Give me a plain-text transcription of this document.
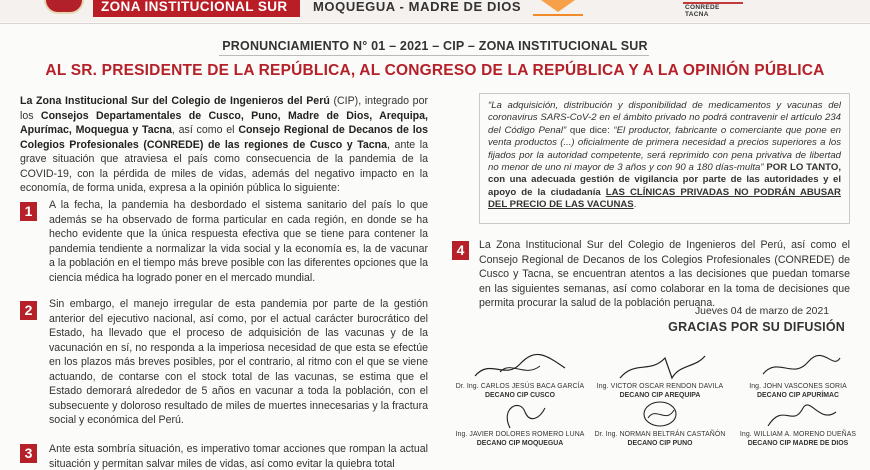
ZONA INSTITUCIONAL SUR	MOQUEGUA - MADRE DE DIOS	CONREDE TACNA
PRONUNCIAMIENTO N° 01 – 2021 – CIP – ZONA INSTITUCIONAL SUR
AL SR. PRESIDENTE DE LA REPÚBLICA, AL CONGRESO DE LA REPÚBLICA Y A LA OPINIÓN PÚBLICA
La Zona Institucional Sur del Colegio de Ingenieros del Perú (CIP), integrado por los Consejos Departamentales de Cusco, Puno, Madre de Dios, Arequipa, Apurímac, Moquegua y Tacna, así como el Consejo Regional de Decanos de los Colegios Profesionales (CONREDE) de las regiones de Cusco y Tacna, ante la grave situación que atraviesa el país como consecuencia de la pandemia de la COVID-19, con la pérdida de miles de vidas, además del negativo impacto en la economía, de forma unida, expresa a la opinión pública lo siguiente:
1	A la fecha, la pandemia ha desbordado el sistema sanitario del país lo que además se ha observado de forma particular en cada región, en donde se ha hecho evidente que la única respuesta efectiva que se tiene para contener la pandemia tendiente a normalizar la vida social y la economía es, la de vacunar a la población en el tiempo más breve posible con las diferentes opciones que la ciencia médica ha logrado poner en el mercado mundial.
2	Sin embargo, el manejo irregular de esta pandemia por parte de la gestión anterior del ejecutivo nacional, así como, por el actual carácter burocrático del Estado, ha llevado que el proceso de adquisición de las vacunas y de la vacunación en sí, no responda a la imperiosa necesidad de que esta se efectúe en los plazos más breves posibles, por el contrario, al ritmo con el que se viene actuando, de contarse con el stock total de las vacunas, se estima que el Estado demorará alrededor de 5 años en vacunar a toda la población, con el subsecuente y doloroso resultado de miles de muertes innecesarias y la fractura social y económica del Perú.
3	Ante esta sombría situación, es imperativo tomar acciones que rompan la actual situación y permitan salvar miles de vidas, así como evitar la quiebra total
“La adquisición, distribución y disponibilidad de medicamentos y vacunas del coronavirus SARS-CoV-2 en el ámbito privado no podrá contravenir el artículo 234 del Código Penal” que dice: “El productor, fabricante o comerciante que pone en venta productos (...) oficialmente de primera necesidad a precios superiores a los fijados por la autoridad competente, será reprimido con pena privativa de libertad no menor de uno ni mayor de 3 años y con 90 a 180 días-multa” POR LO TANTO, con una adecuada gestión de vigilancia por parte de las autoridades y el apoyo de la ciudadanía LAS CLÍNICAS PRIVADAS NO PODRÁN ABUSAR DEL PRECIO DE LAS VACUNAS.
4	La Zona Institucional Sur del Colegio de Ingenieros del Perú, así como el Consejo Regional de Decanos de los Colegios Profesionales (CONREDE) de Cusco y Tacna, se encuentran atentos a las decisiones que puedan tomarse en las siguientes semanas, así como colaborar en la toma de decisiones que permita procurar la salud de la población peruana.
Jueves 04 de marzo de 2021
GRACIAS POR SU DIFUSIÓN
Dr. Ing. CARLOS JESÚS BACA GARCÍA
DECANO CIP CUSCO
Ing. VICTOR OSCAR RENDON DAVILA
DECANO CIP AREQUIPA
Ing. JOHN VASCONES SORIA
DECANO CIP APURÍMAC
Ing. JAVIER DOLORES ROMERO LUNA
DECANO CIP MOQUEGUA
Dr. Ing. NORMAN BELTRÁN CASTAÑÓN
DECANO CIP PUNO
Ing. WILLIAM A. MORENO DUEÑAS
DECANO CIP MADRE DE DIOS
